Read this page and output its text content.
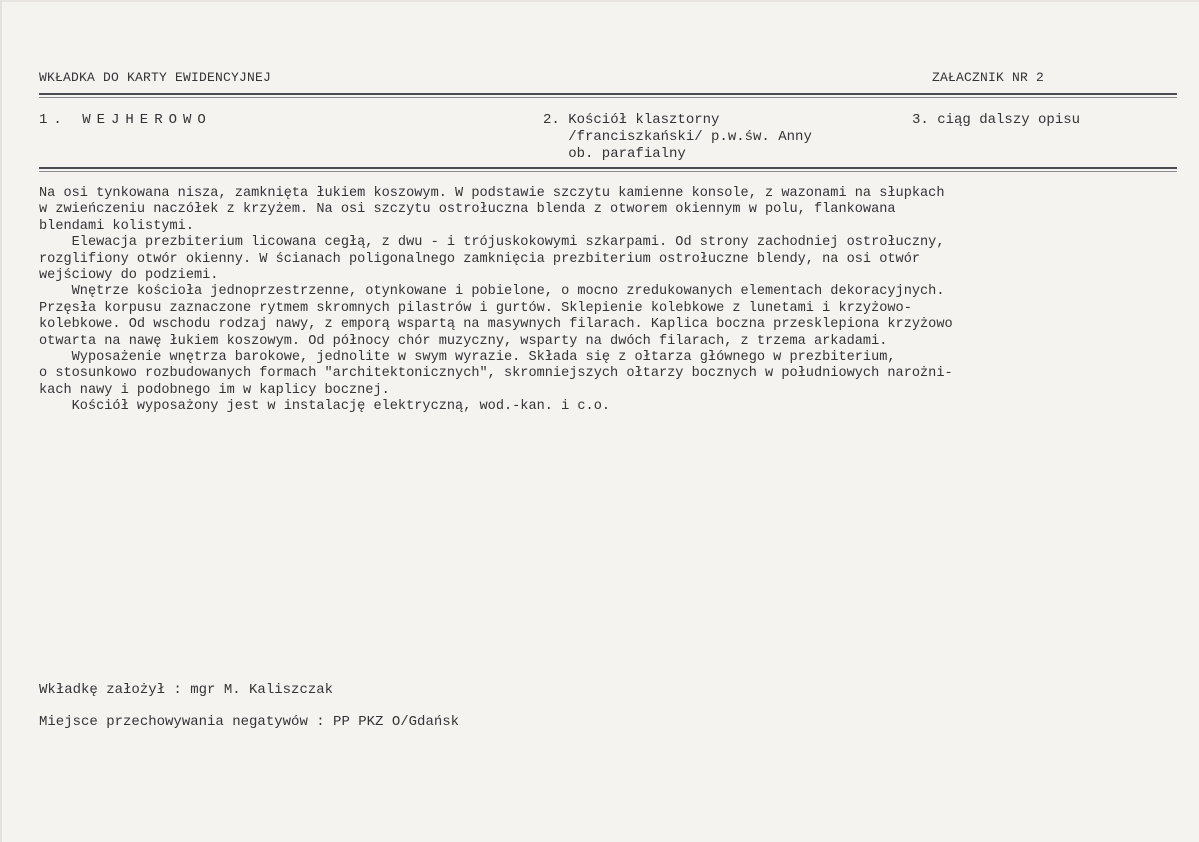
WKŁADKA DO KARTY EWIDENCYJNEJ	ZAŁACZNIK NR 2
1. WEJHEROWO	2. Kościół klasztorny
/franciszkański/ p.w.św. Anny
ob. parafialny
3. ciąg dalszy opisu
Na osi tynkowana nisza, zamknięta łukiem koszowym. W podstawie szczytu kamienne konsole, z wazonami na słupkach
w zwieńczeniu naczółek z krzyżem. Na osi szczytu ostrołuczna blenda z otworem okiennym w polu, flankowana
blendami kolistymi.
Elewacja prezbiterium licowana cegłą, z dwu - i trójuskokowymi szkarpami. Od strony zachodniej ostrołuczny,
rozglifiony otwór okienny. W ścianach poligonalnego zamknięcia prezbiterium ostrołuczne blendy, na osi otwór
wejściowy do podziemi.
Wnętrze kościoła jednoprzestrzenne, otynkowane i pobielone, o mocno zredukowanych elementach dekoracyjnych.
Przęsła korpusu zaznaczone rytmem skromnych pilastrów i gurtów. Sklepienie kolebkowe z lunetami i krzyżowo-
kolebkowe. Od wschodu rodzaj nawy, z emporą wspartą na masywnych filarach. Kaplica boczna przesklepiona krzyżowo
otwarta na nawę łukiem koszowym. Od północy chór muzyczny, wsparty na dwóch filarach, z trzema arkadami.
Wyposażenie wnętrza barokowe, jednolite w swym wyrazie. Składa się z ołtarza głównego w prezbiterium,
o stosunkowo rozbudowanych formach "architektonicznych", skromniejszych ołtarzy bocznych w południowych narożni-
kach nawy i podobnego im w kaplicy bocznej.
Kościół wyposażony jest w instalację elektryczną, wod.-kan. i c.o.
Wkładkę założył : mgr M. Kaliszczak
Miejsce przechowywania negatywów : PP PKZ O/Gdańsk
